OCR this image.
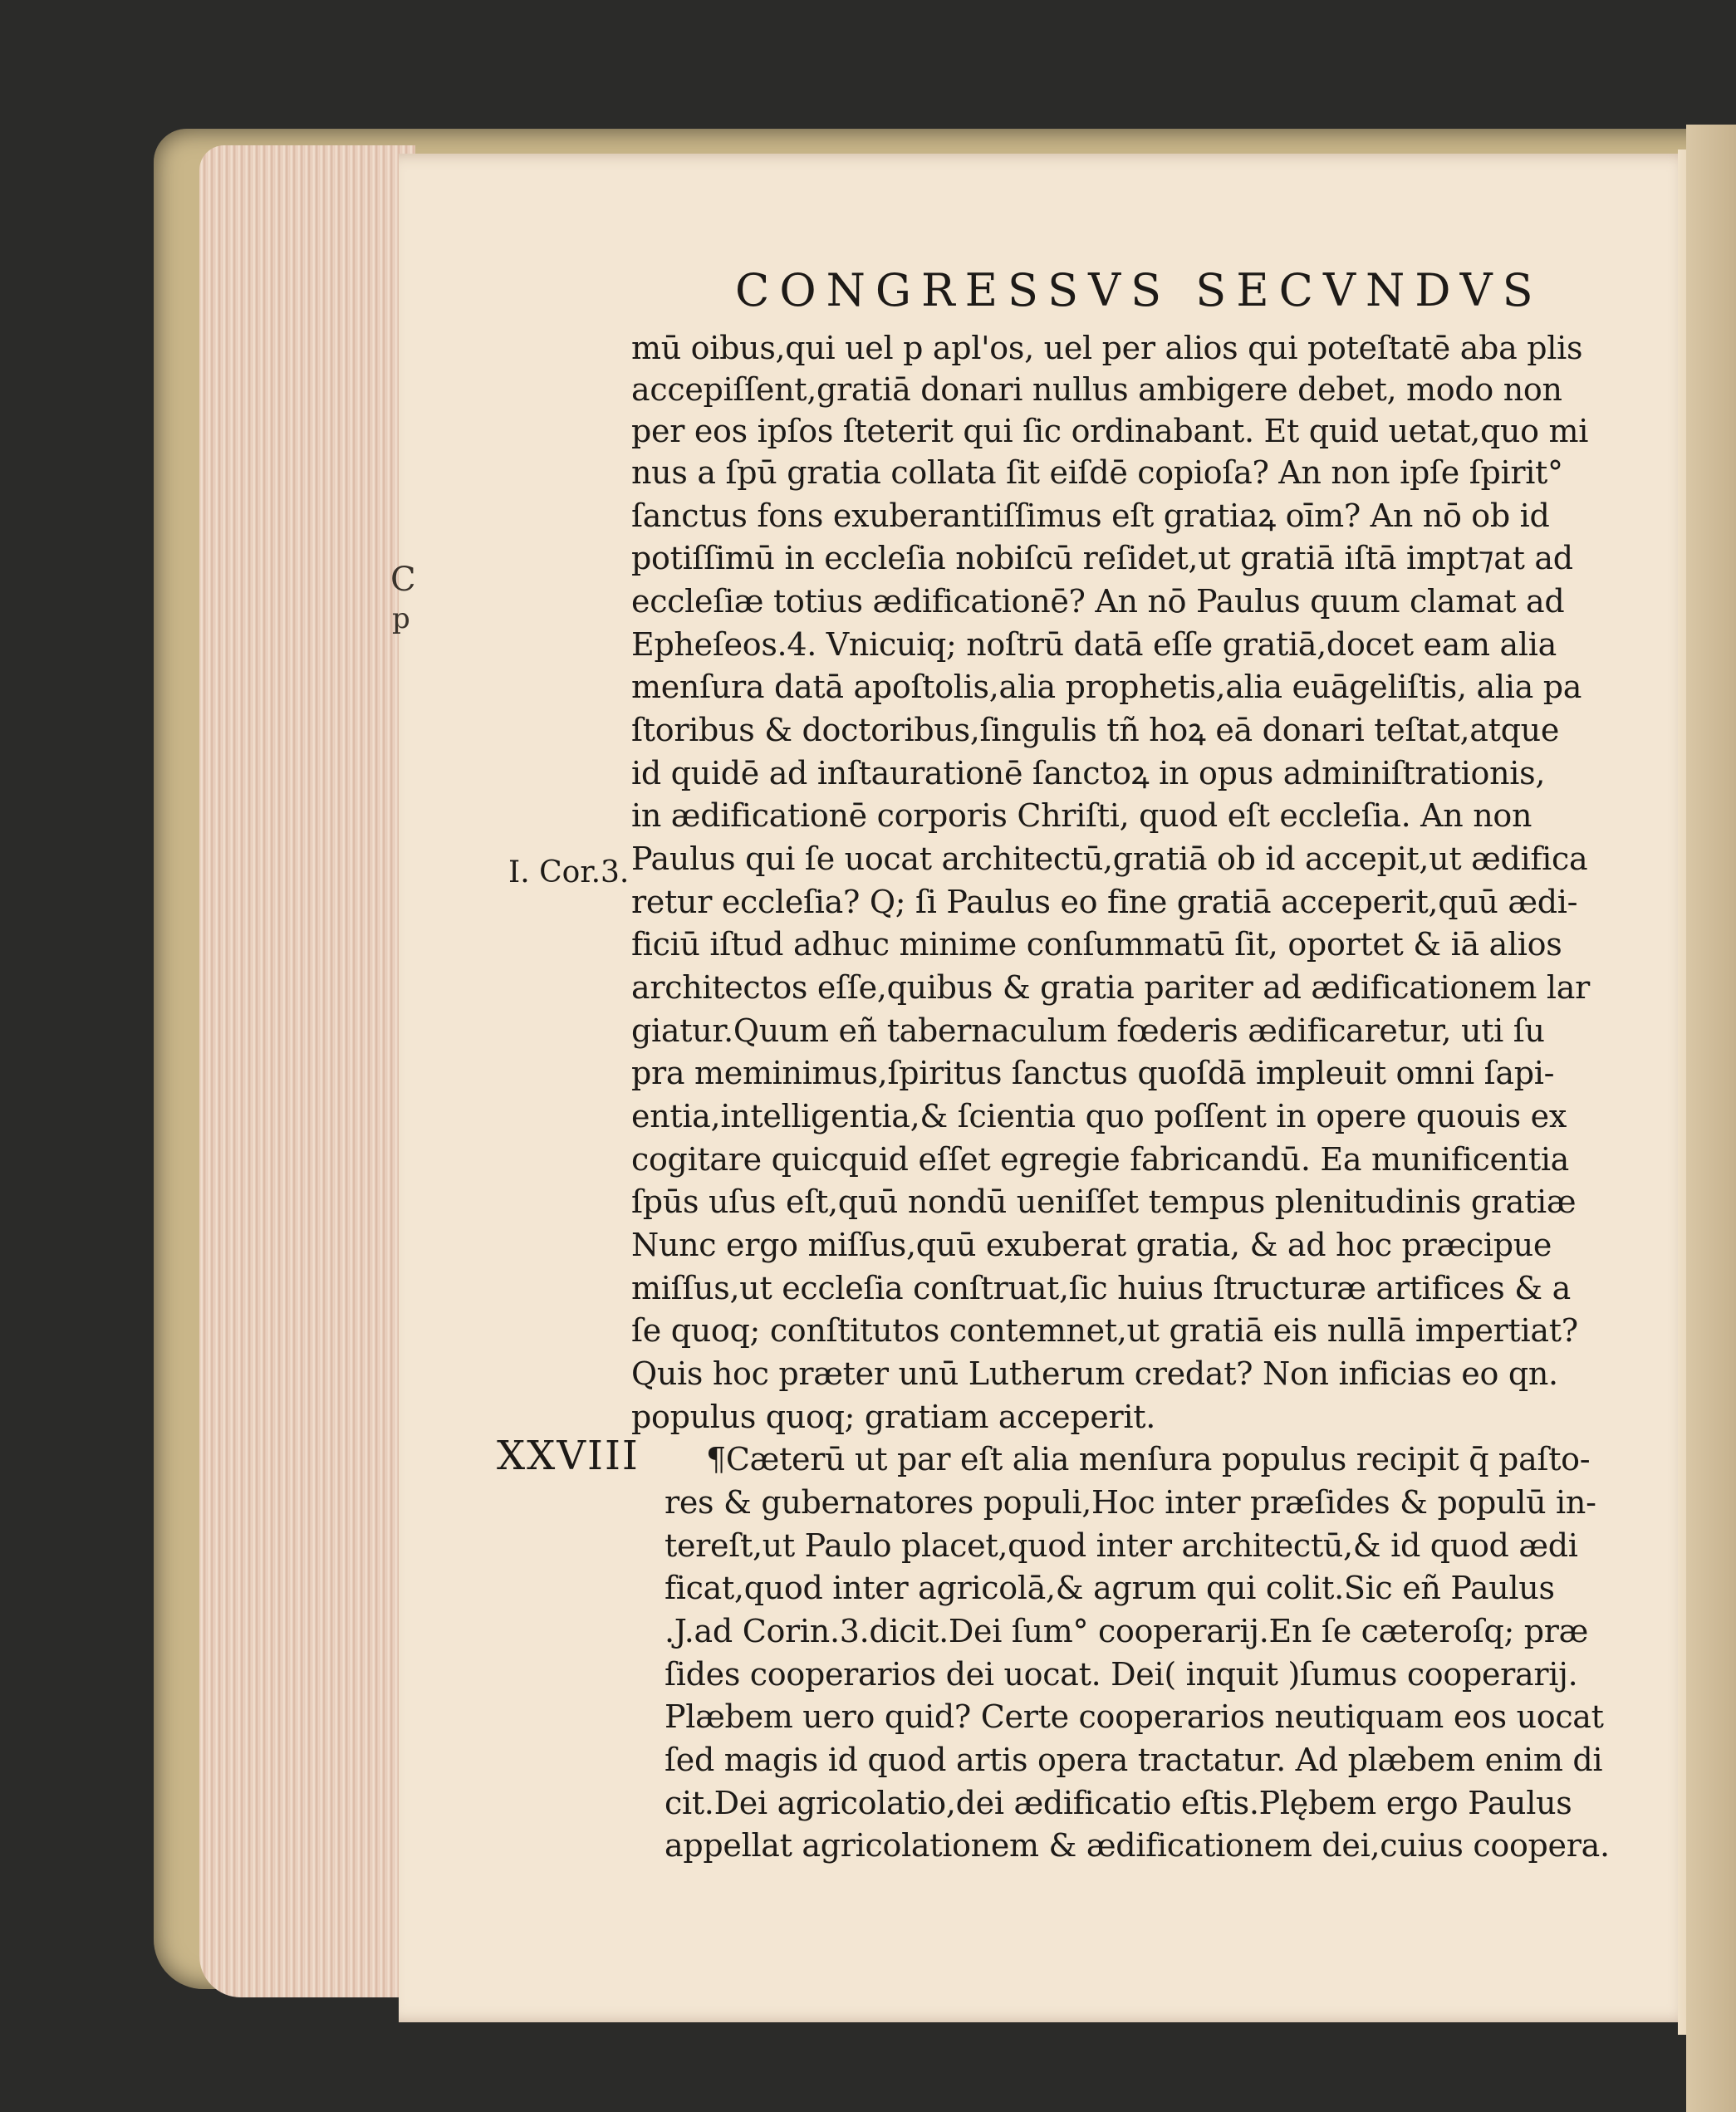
C

p

CONGRESSVS SECVNDVS

I. Cor.3.

XXVIII

mū oibus,qui uel p apl'os, uel per alios qui poteſtatē aba plis

accepiſſent,gratiā donari nullus ambigere debet, modo non

per eos ipſos ſteterit qui ſic ordinabant. Et quid uetat,quo mi

nus a ſpū gratia collata ſit eiſdē copioſa? An non ipſe ſpirit°

ſanctus fons exuberantiſſimus eſt gratiaꝝ oīm? An nō ob id

potiſſimū in eccleſia nobiſcū reſidet,ut gratiā iſtā impt⁊at ad

eccleſiæ totius ædificationē? An nō Paulus quum clamat ad

Epheſeos.4. Vnicuiq; noſtrū datā eſſe gratiā,docet eam alia

menſura datā apoſtolis,alia prophetis,alia euāgeliſtis, alia pa

ſtoribus & doctoribus,ſingulis tñ hoꝝ eā donari teſtat,atque

id quidē ad inſtaurationē ſanctoꝝ in opus adminiſtrationis,

in ædificationē corporis Chriſti, quod eſt eccleſia. An non

Paulus qui ſe uocat architectū,gratiā ob id accepit,ut ædifica

retur eccleſia? Q; ſi Paulus eo fine gratiā acceperit,quū ædi-

ficiū iſtud adhuc minime conſummatū ſit, oportet & iā alios

architectos eſſe,quibus & gratia pariter ad ædificationem lar

giatur.Quum eñ tabernaculum fœderis ædificaretur, uti ſu

pra meminimus,ſpiritus ſanctus quoſdā impleuit omni ſapi-

entia,intelligentia,& ſcientia quo poſſent in opere quouis ex

cogitare quicquid eſſet egregie fabricandū. Ea munificentia

ſpūs uſus eſt,quū nondū ueniſſet tempus plenitudinis gratiæ

Nunc ergo miſſus,quū exuberat gratia, & ad hoc præcipue

miſſus,ut eccleſia conſtruat,ſic huius ſtructuræ artifices & a

ſe quoq; conſtitutos contemnet,ut gratiā eis nullā impertiat?

Quis hoc præter unū Lutherum credat? Non inficias eo qn.

populus quoq; gratiam acceperit.

¶Cæterū ut par eſt alia menſura populus recipit q̄ paſto-

res & gubernatores populi,Hoc inter præſides & populū in-

tereſt,ut Paulo placet,quod inter architectū,& id quod ædi

ficat,quod inter agricolā,& agrum qui colit.Sic eñ Paulus

.J.ad Corin.3.dicit.Dei ſum° cooperarij.En ſe cæteroſq; præ

ſides cooperarios dei uocat. Dei( inquit )ſumus cooperarij.

Plæbem uero quid? Certe cooperarios neutiquam eos uocat

ſed magis id quod artis opera tractatur. Ad plæbem enim di

cit.Dei agricolatio,dei ædificatio eſtis.Plębem ergo Paulus

appellat agricolationem & ædificationem dei,cuius coopera.
